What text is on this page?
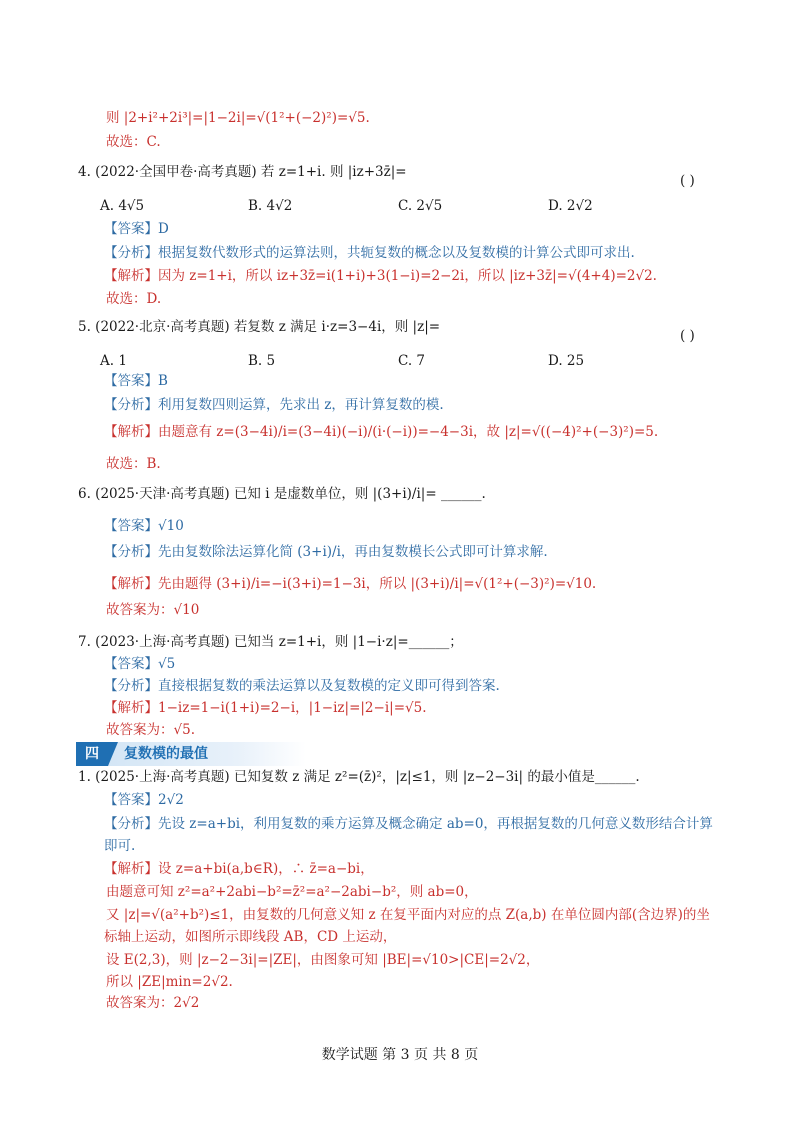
则 |2+i²+2i³|=|1−2i|=√(1²+(−2)²)=√5.
故选：C.
4. (2022·全国甲卷·高考真题) 若 z=1+i. 则 |iz+3z̄|=
【答案】D
【分析】根据复数代数形式的运算法则，共轭复数的概念以及复数模的计算公式即可求出.
【解析】因为 z=1+i，所以 iz+3z̄=i(1+i)+3(1−i)=2−2i，所以 |iz+3z̄|=√(4+4)=2√2.
故选：D.
5. (2022·北京·高考真题) 若复数 z 满足 i·z=3−4i，则 |z|=
【答案】B
【分析】利用复数四则运算，先求出 z，再计算复数的模.
【解析】由题意有 z=(3−4i)/i=(3−4i)(−i)/(i·(−i))=−4−3i，故 |z|=√((−4)²+(−3)²)=5.
故选：B.
6. (2025·天津·高考真题) 已知 i 是虚数单位，则 |(3+i)/i|= ______.
【答案】√10
【分析】先由复数除法运算化简 (3+i)/i，再由复数模长公式即可计算求解.
【解析】先由题得 (3+i)/i=−i(3+i)=1−3i，所以 |(3+i)/i|=√(1²+(−3)²)=√10.
故答案为：√10
7. (2023·上海·高考真题) 已知当 z=1+i，则 |1−i·z|=______；
【答案】√5
【分析】直接根据复数的乘法运算以及复数模的定义即可得到答案.
【解析】1−iz=1−i(1+i)=2−i，|1−iz|=|2−i|=√5.
故答案为：√5.
1. (2025·上海·高考真题) 已知复数 z 满足 z²=(z̄)²，|z|≤1，则 |z−2−3i| 的最小值是______.
【答案】2√2
【分析】先设 z=a+bi，利用复数的乘方运算及概念确定 ab=0，再根据复数的几何意义数形结合计算
即可.
【解析】设 z=a+bi(a,b∈R)，∴ z̄=a−bi，
由题意可知 z²=a²+2abi−b²=z̄²=a²−2abi−b²，则 ab=0，
又 |z|=√(a²+b²)≤1，由复数的几何意义知 z 在复平面内对应的点 Z(a,b) 在单位圆内部(含边界)的坐
标轴上运动，如图所示即线段 AB，CD 上运动，
设 E(2,3)，则 |z−2−3i|=|ZE|，由图象可知 |BE|=√10>|CE|=2√2，
所以 |ZE|min=2√2.
故答案为：2√2
A. 4√5	B. 4√2	C. 2√5	D. 2√2
( )
A. 1	B. 5	C. 7	D. 25
( )
四	复数模的最值
数学试题 第 3 页 共 8 页
